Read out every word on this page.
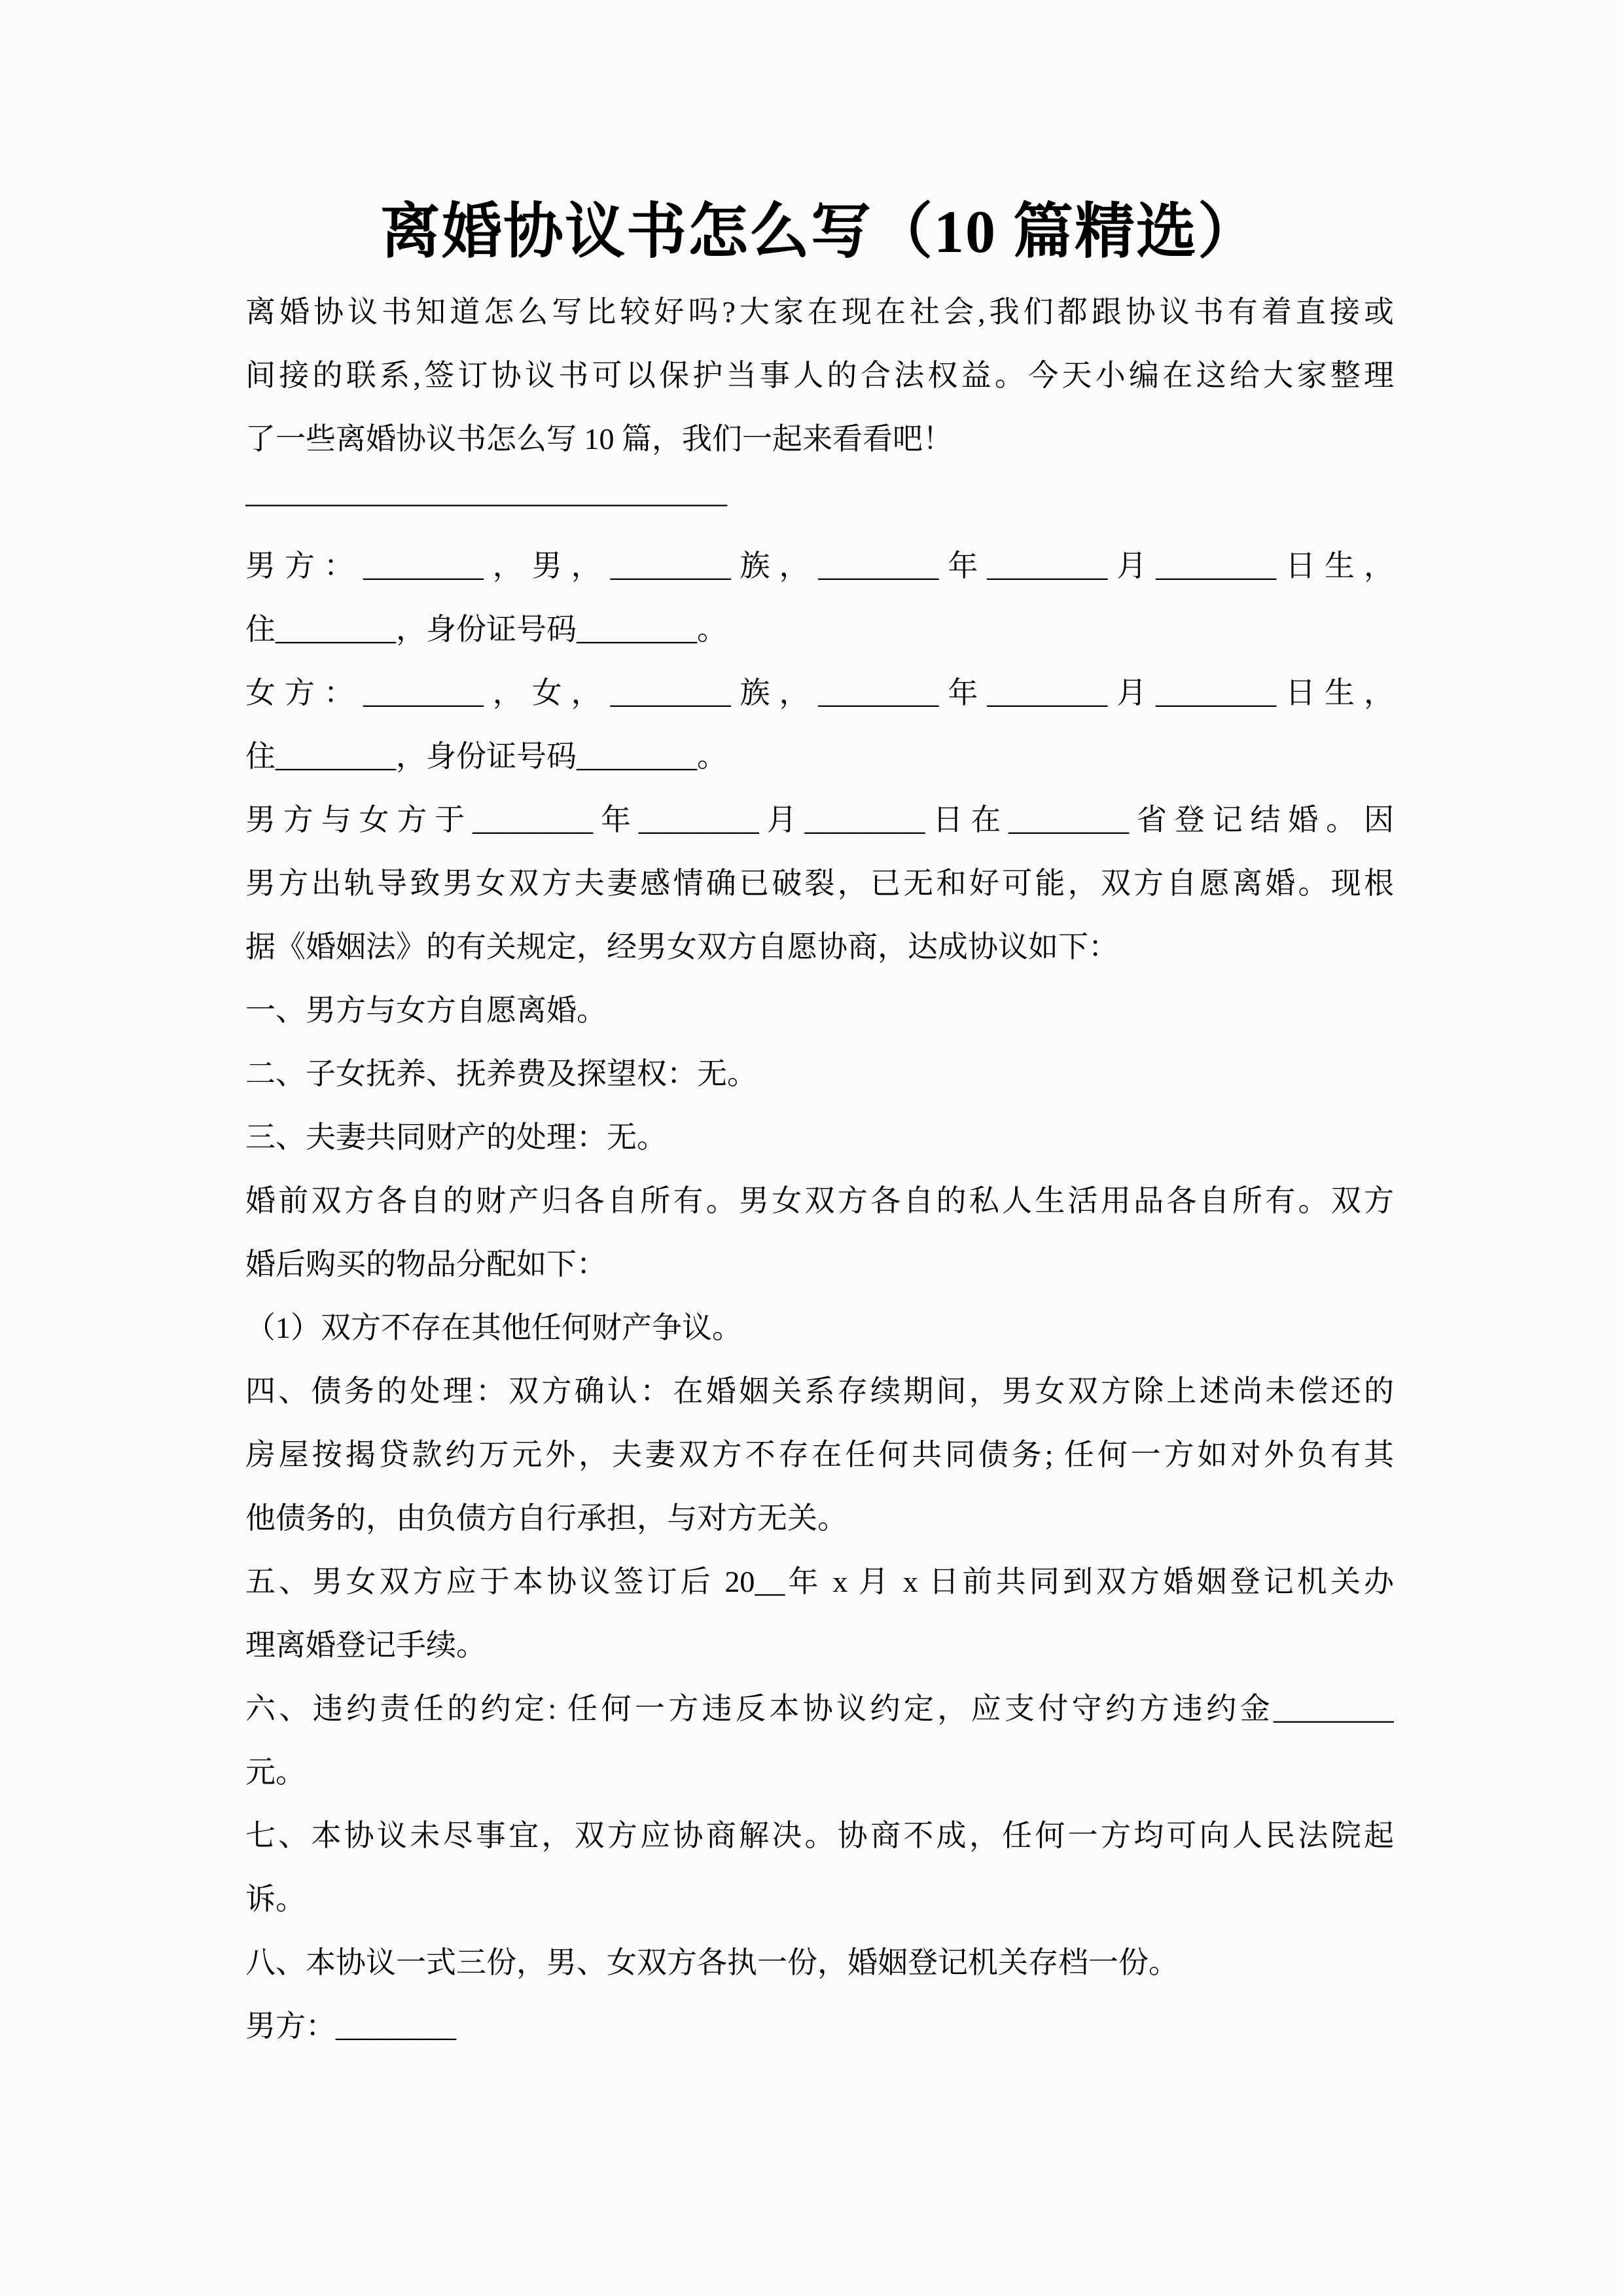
离婚协议书怎么写（10 篇精选）

离婚协议书知道怎么写比较好吗?大家在现在社会,我们都跟协议书有着直接或

间接的联系,签订协议书可以保护当事人的合法权益。今天小编在这给大家整理

了一些离婚协议书怎么写 10 篇，我们一起来看看吧！

————————————————

男方：________，男，________族，________年________月________日生，

住________，身份证号码________。

女方：________，女，________族，________年________月________日生，

住________，身份证号码________。

男方与女方于________年________月________日在________省登记结婚。因

男方出轨导致男女双方夫妻感情确已破裂，已无和好可能，双方自愿离婚。现根

据《婚姻法》的有关规定，经男女双方自愿协商，达成协议如下：

一、男方与女方自愿离婚。

二、子女抚养、抚养费及探望权：无。

三、夫妻共同财产的处理：无。

婚前双方各自的财产归各自所有。男女双方各自的私人生活用品各自所有。双方

婚后购买的物品分配如下：

（1）双方不存在其他任何财产争议。

四、债务的处理：双方确认：在婚姻关系存续期间，男女双方除上述尚未偿还的

房屋按揭贷款约万元外，夫妻双方不存在任何共同债务; 任何一方如对外负有其

他债务的，由负债方自行承担，与对方无关。

五、男女双方应于本协议签订后 20__年 x 月 x 日前共同到双方婚姻登记机关办

理离婚登记手续。

六、违约责任的约定: 任何一方违反本协议约定，应支付守约方违约金________

元。

七、本协议未尽事宜，双方应协商解决。协商不成，任何一方均可向人民法院起

诉。

八、本协议一式三份，男、女双方各执一份，婚姻登记机关存档一份。

男方：________
